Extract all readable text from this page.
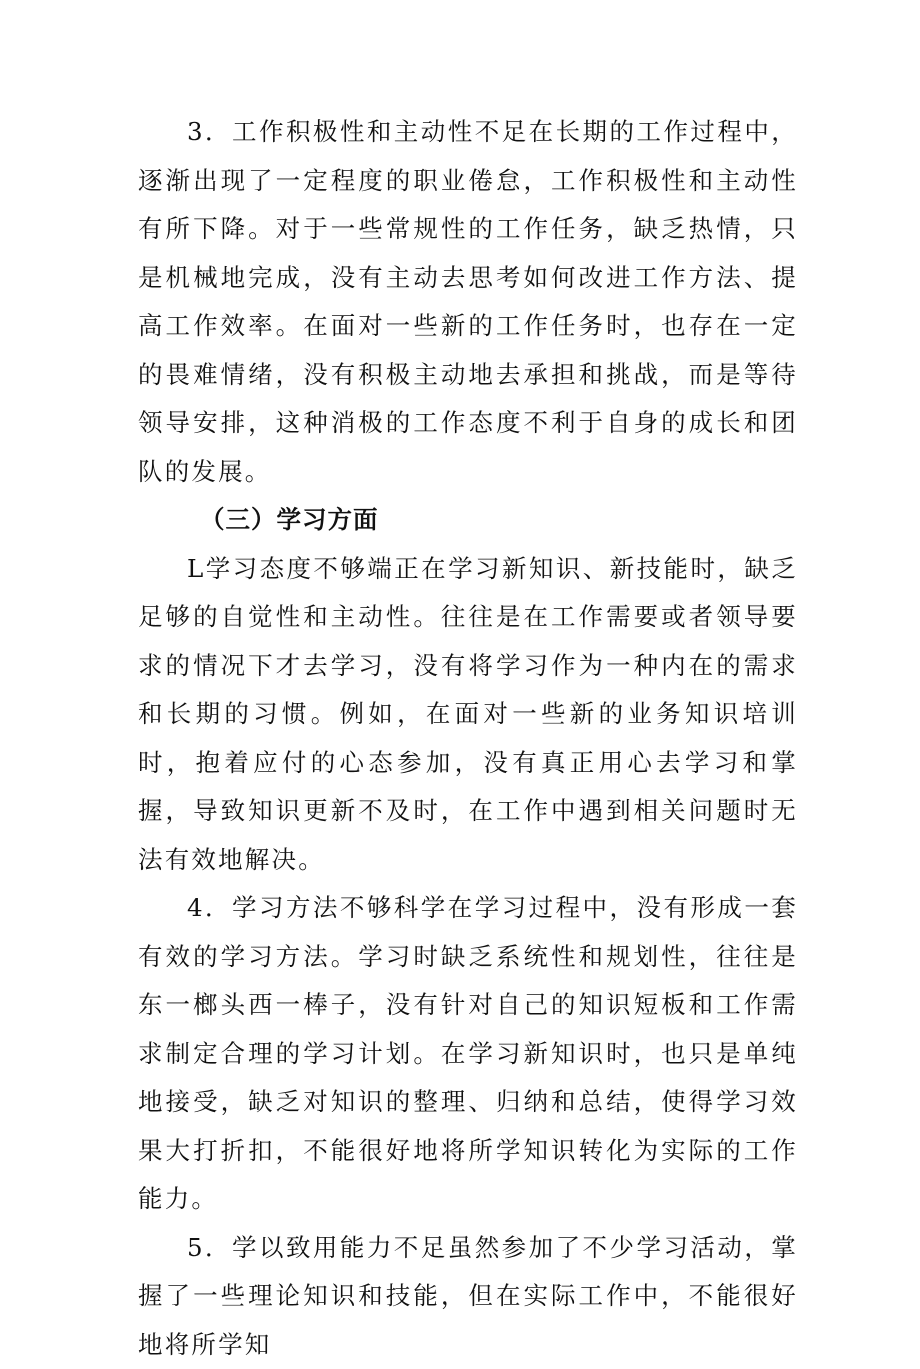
3．工作积极性和主动性不足在长期的工作过程中，逐渐出现了一定程度的职业倦怠，工作积极性和主动性有所下降。对于一些常规性的工作任务，缺乏热情，只是机械地完成，没有主动去思考如何改进工作方法、提高工作效率。在面对一些新的工作任务时，也存在一定的畏难情绪，没有积极主动地去承担和挑战，而是等待领导安排，这种消极的工作态度不利于自身的成长和团队的发展。

（三）学习方面

L学习态度不够端正在学习新知识、新技能时，缺乏足够的自觉性和主动性。往往是在工作需要或者领导要求的情况下才去学习，没有将学习作为一种内在的需求和长期的习惯。例如，在面对一些新的业务知识培训时，抱着应付的心态参加，没有真正用心去学习和掌握，导致知识更新不及时，在工作中遇到相关问题时无法有效地解决。

4．学习方法不够科学在学习过程中，没有形成一套有效的学习方法。学习时缺乏系统性和规划性，往往是东一榔头西一棒子，没有针对自己的知识短板和工作需求制定合理的学习计划。在学习新知识时，也只是单纯地接受，缺乏对知识的整理、归纳和总结，使得学习效果大打折扣，不能很好地将所学知识转化为实际的工作能力。

5．学以致用能力不足虽然参加了不少学习活动，掌握了一些理论知识和技能，但在实际工作中，不能很好地将所学知
